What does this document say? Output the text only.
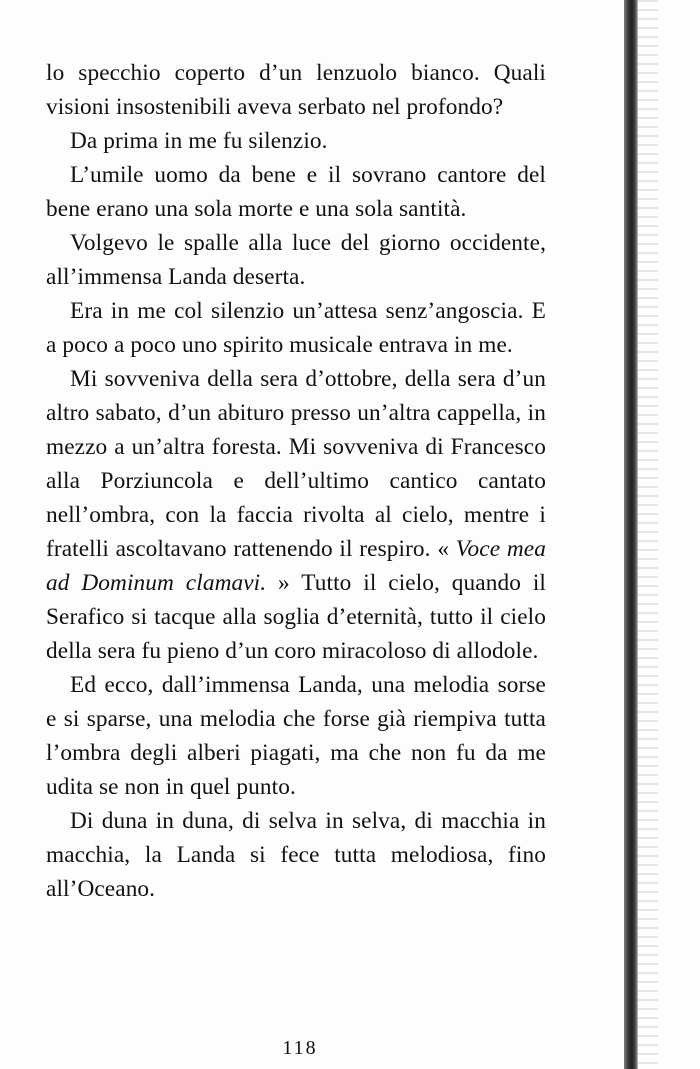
lo specchio coperto d’un lenzuolo bianco. Quali visioni insostenibili aveva serbato nel profondo?

Da prima in me fu silenzio.

L’umile uomo da bene e il sovrano cantore del bene erano una sola morte e una sola santità.

Volgevo le spalle alla luce del giorno occidente, all’immensa Landa deserta.

Era in me col silenzio un’attesa senz’angoscia. E a poco a poco uno spirito musicale entrava in me.

Mi sovveniva della sera d’ottobre, della sera d’un altro sabato, d’un abituro presso un’altra cappella, in mezzo a un’altra foresta. Mi sovveniva di Francesco alla Porziuncola e dell’ultimo cantico cantato nell’ombra, con la faccia rivolta al cielo, mentre i fratelli ascoltavano rattenendo il respiro. « Voce mea ad Dominum clamavi. » Tutto il cielo, quando il Serafico si tacque alla soglia d’eternità, tutto il cielo della sera fu pieno d’un coro miracoloso di allodole.

Ed ecco, dall’immensa Landa, una melodia sorse e si sparse, una melodia che forse già riempiva tutta l’ombra degli alberi piagati, ma che non fu da me udita se non in quel punto.

Di duna in duna, di selva in selva, di macchia in macchia, la Landa si fece tutta melodiosa, fino all’Oceano.

118
